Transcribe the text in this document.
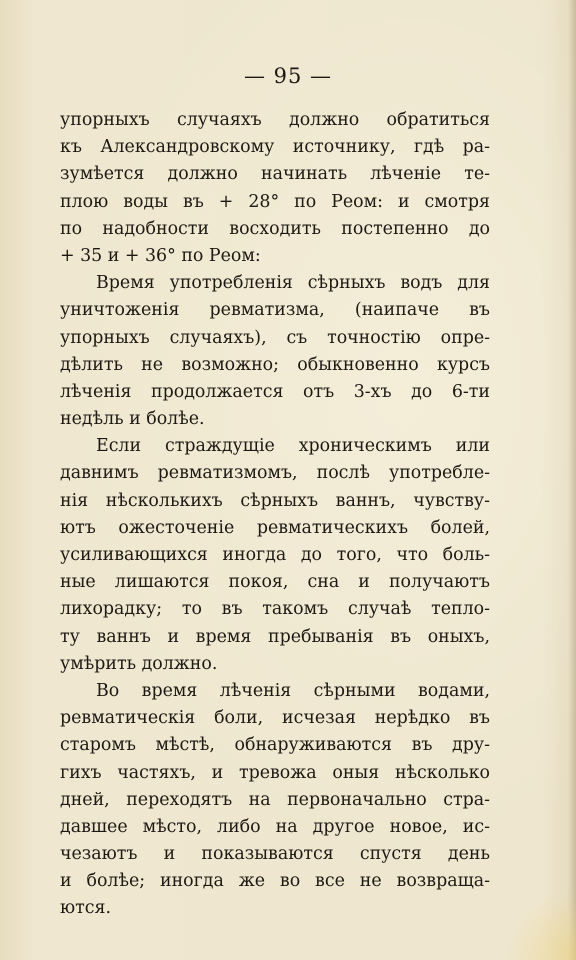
— 95 —
упорныхъ случаяхъ должно обратиться
къ Александровскому источнику, гдѣ ра-
зумѣется должно начинать лѣченіе те-
плою воды въ + 28° по Реом: и смотря
по надобности восходить постепенно до
+ 35 и + 36° по Реом:
Время употребленія сѣрныхъ водъ для
уничтоженія ревматизма, (наипаче въ
упорныхъ случаяхъ), съ точностію опре-
дѣлить не возможно; обыкновенно курсъ
лѣченія продолжается отъ 3-хъ до 6-ти
недѣль и болѣе.
Если страждущіе хроническимъ или
давнимъ ревматизмомъ, послѣ употребле-
нія нѣсколькихъ сѣрныхъ ваннъ, чувству-
ютъ ожесточеніе ревматическихъ болей,
усиливающихся иногда до того, что боль-
ные лишаются покоя, сна и получаютъ
лихорадку; то въ такомъ случаѣ тепло-
ту ваннъ и время пребыванія въ оныхъ,
умѣрить должно.
Во время лѣченія сѣрными водами,
ревматическія боли, исчезая нерѣдко въ
старомъ мѣстѣ, обнаруживаются въ дру-
гихъ частяхъ, и тревожа оныя нѣсколько
дней, переходятъ на первоначально стра-
давшее мѣсто, либо на другое новое, ис-
чезаютъ и показываются спустя день
и болѣе; иногда же во все не возвраща-
ются.
